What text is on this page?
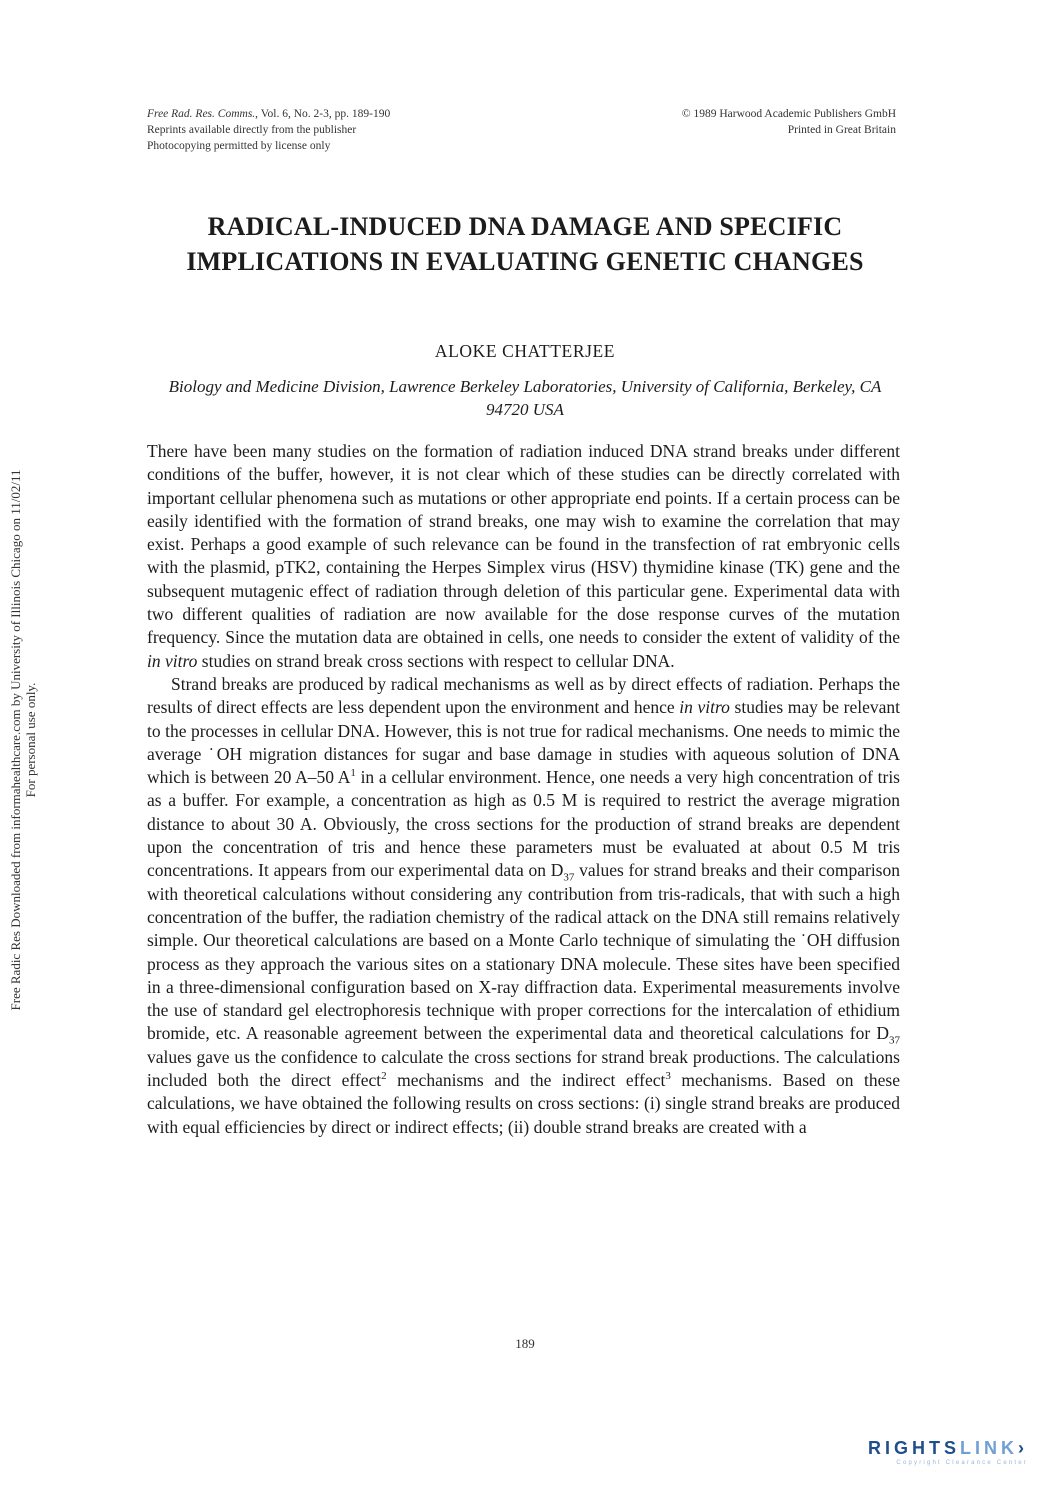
Free Rad. Res. Comms., Vol. 6, No. 2-3, pp. 189-190
Reprints available directly from the publisher
Photocopying permitted by license only
© 1989 Harwood Academic Publishers GmbH
Printed in Great Britain
RADICAL-INDUCED DNA DAMAGE AND SPECIFIC IMPLICATIONS IN EVALUATING GENETIC CHANGES
ALOKE CHATTERJEE
Biology and Medicine Division, Lawrence Berkeley Laboratories, University of California, Berkeley, CA 94720 USA

There have been many studies on the formation of radiation induced DNA strand breaks under different conditions of the buffer, however, it is not clear which of these studies can be directly correlated with important cellular phenomena such as mutations or other appropriate end points. If a certain process can be easily identified with the formation of strand breaks, one may wish to examine the correlation that may exist. Perhaps a good example of such relevance can be found in the transfection of rat embryonic cells with the plasmid, pTK2, containing the Herpes Simplex virus (HSV) thymidine kinase (TK) gene and the subsequent mutagenic effect of radiation through deletion of this particular gene. Experimental data with two different qualities of radiation are now available for the dose response curves of the mutation frequency. Since the mutation data are obtained in cells, one needs to consider the extent of validity of the in vitro studies on strand break cross sections with respect to cellular DNA.

Strand breaks are produced by radical mechanisms as well as by direct effects of radiation. Perhaps the results of direct effects are less dependent upon the environment and hence in vitro studies may be relevant to the processes in cellular DNA. However, this is not true for radical mechanisms. One needs to mimic the average ˙OH migration distances for sugar and base damage in studies with aqueous solution of DNA which is between 20 A–50 $A^1$ in a cellular environment. Hence, one needs a very high concentration of tris as a buffer. For example, a concentration as high as 0.5 M is required to restrict the average migration distance to about 30 A. Obviously, the cross sections for the production of strand breaks are dependent upon the concentration of tris and hence these parameters must be evaluated at about 0.5 M tris concentrations. It appears from our experimental data on $D_{37}$ values for strand breaks and their comparison with theoretical calculations without considering any contribution from tris-radicals, that with such a high concentration of the buffer, the radiation chemistry of the radical attack on the DNA still remains relatively simple. Our theoretical calculations are based on a Monte Carlo technique of simulating the ˙OH diffusion process as they approach the various sites on a stationary DNA molecule. These sites have been specified in a three-dimensional configuration based on X-ray diffraction data. Experimental measurements involve the use of standard gel electrophoresis technique with proper corrections for the intercalation of ethidium bromide, etc. A reasonable agreement between the experimental data and theoretical calculations for $D_{37}$ values gave us the confidence to calculate the cross sections for strand break productions. The calculations included both the direct effect$^2$ mechanisms and the indirect effect$^3$ mechanisms. Based on these calculations, we have obtained the following results on cross sections: (i) single strand breaks are produced with equal efficiencies by direct or indirect effects; (ii) double strand breaks are created with a

189
Free Radic Res Downloaded from informahealthcare.com by University of Illinois Chicago on 11/02/11 For personal use only.
RIGHTSLINK›
Copyright Clearance Center
